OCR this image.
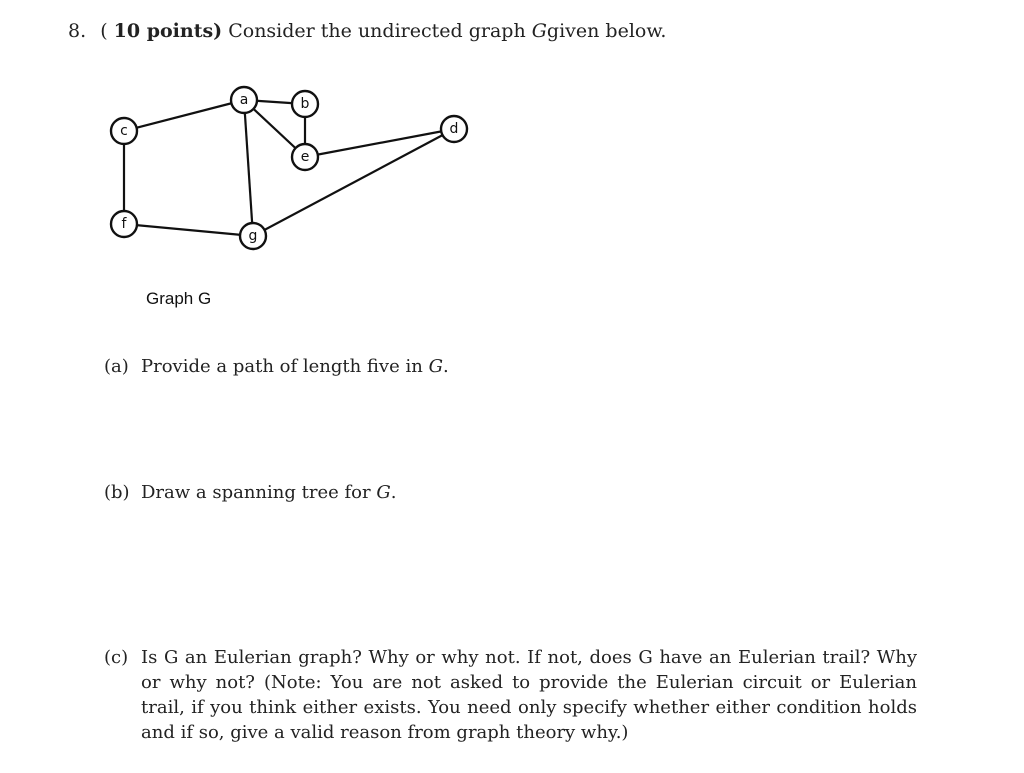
8. ( 10 points) Consider the undirected graph Ggiven below.
a	b
c	d
e
f
g
Graph G
(a) Provide a path of length five in G.
(b) Draw a spanning tree for G.
(c) Is G an Eulerian graph? Why or why not. If not, does G have an Eulerian trail? Why or why not? (Note: You are not asked to provide the Eulerian circuit or Eulerian trail, if you think either exists. You need only specify whether either condition holds and if so, give a valid reason from graph theory why.)
